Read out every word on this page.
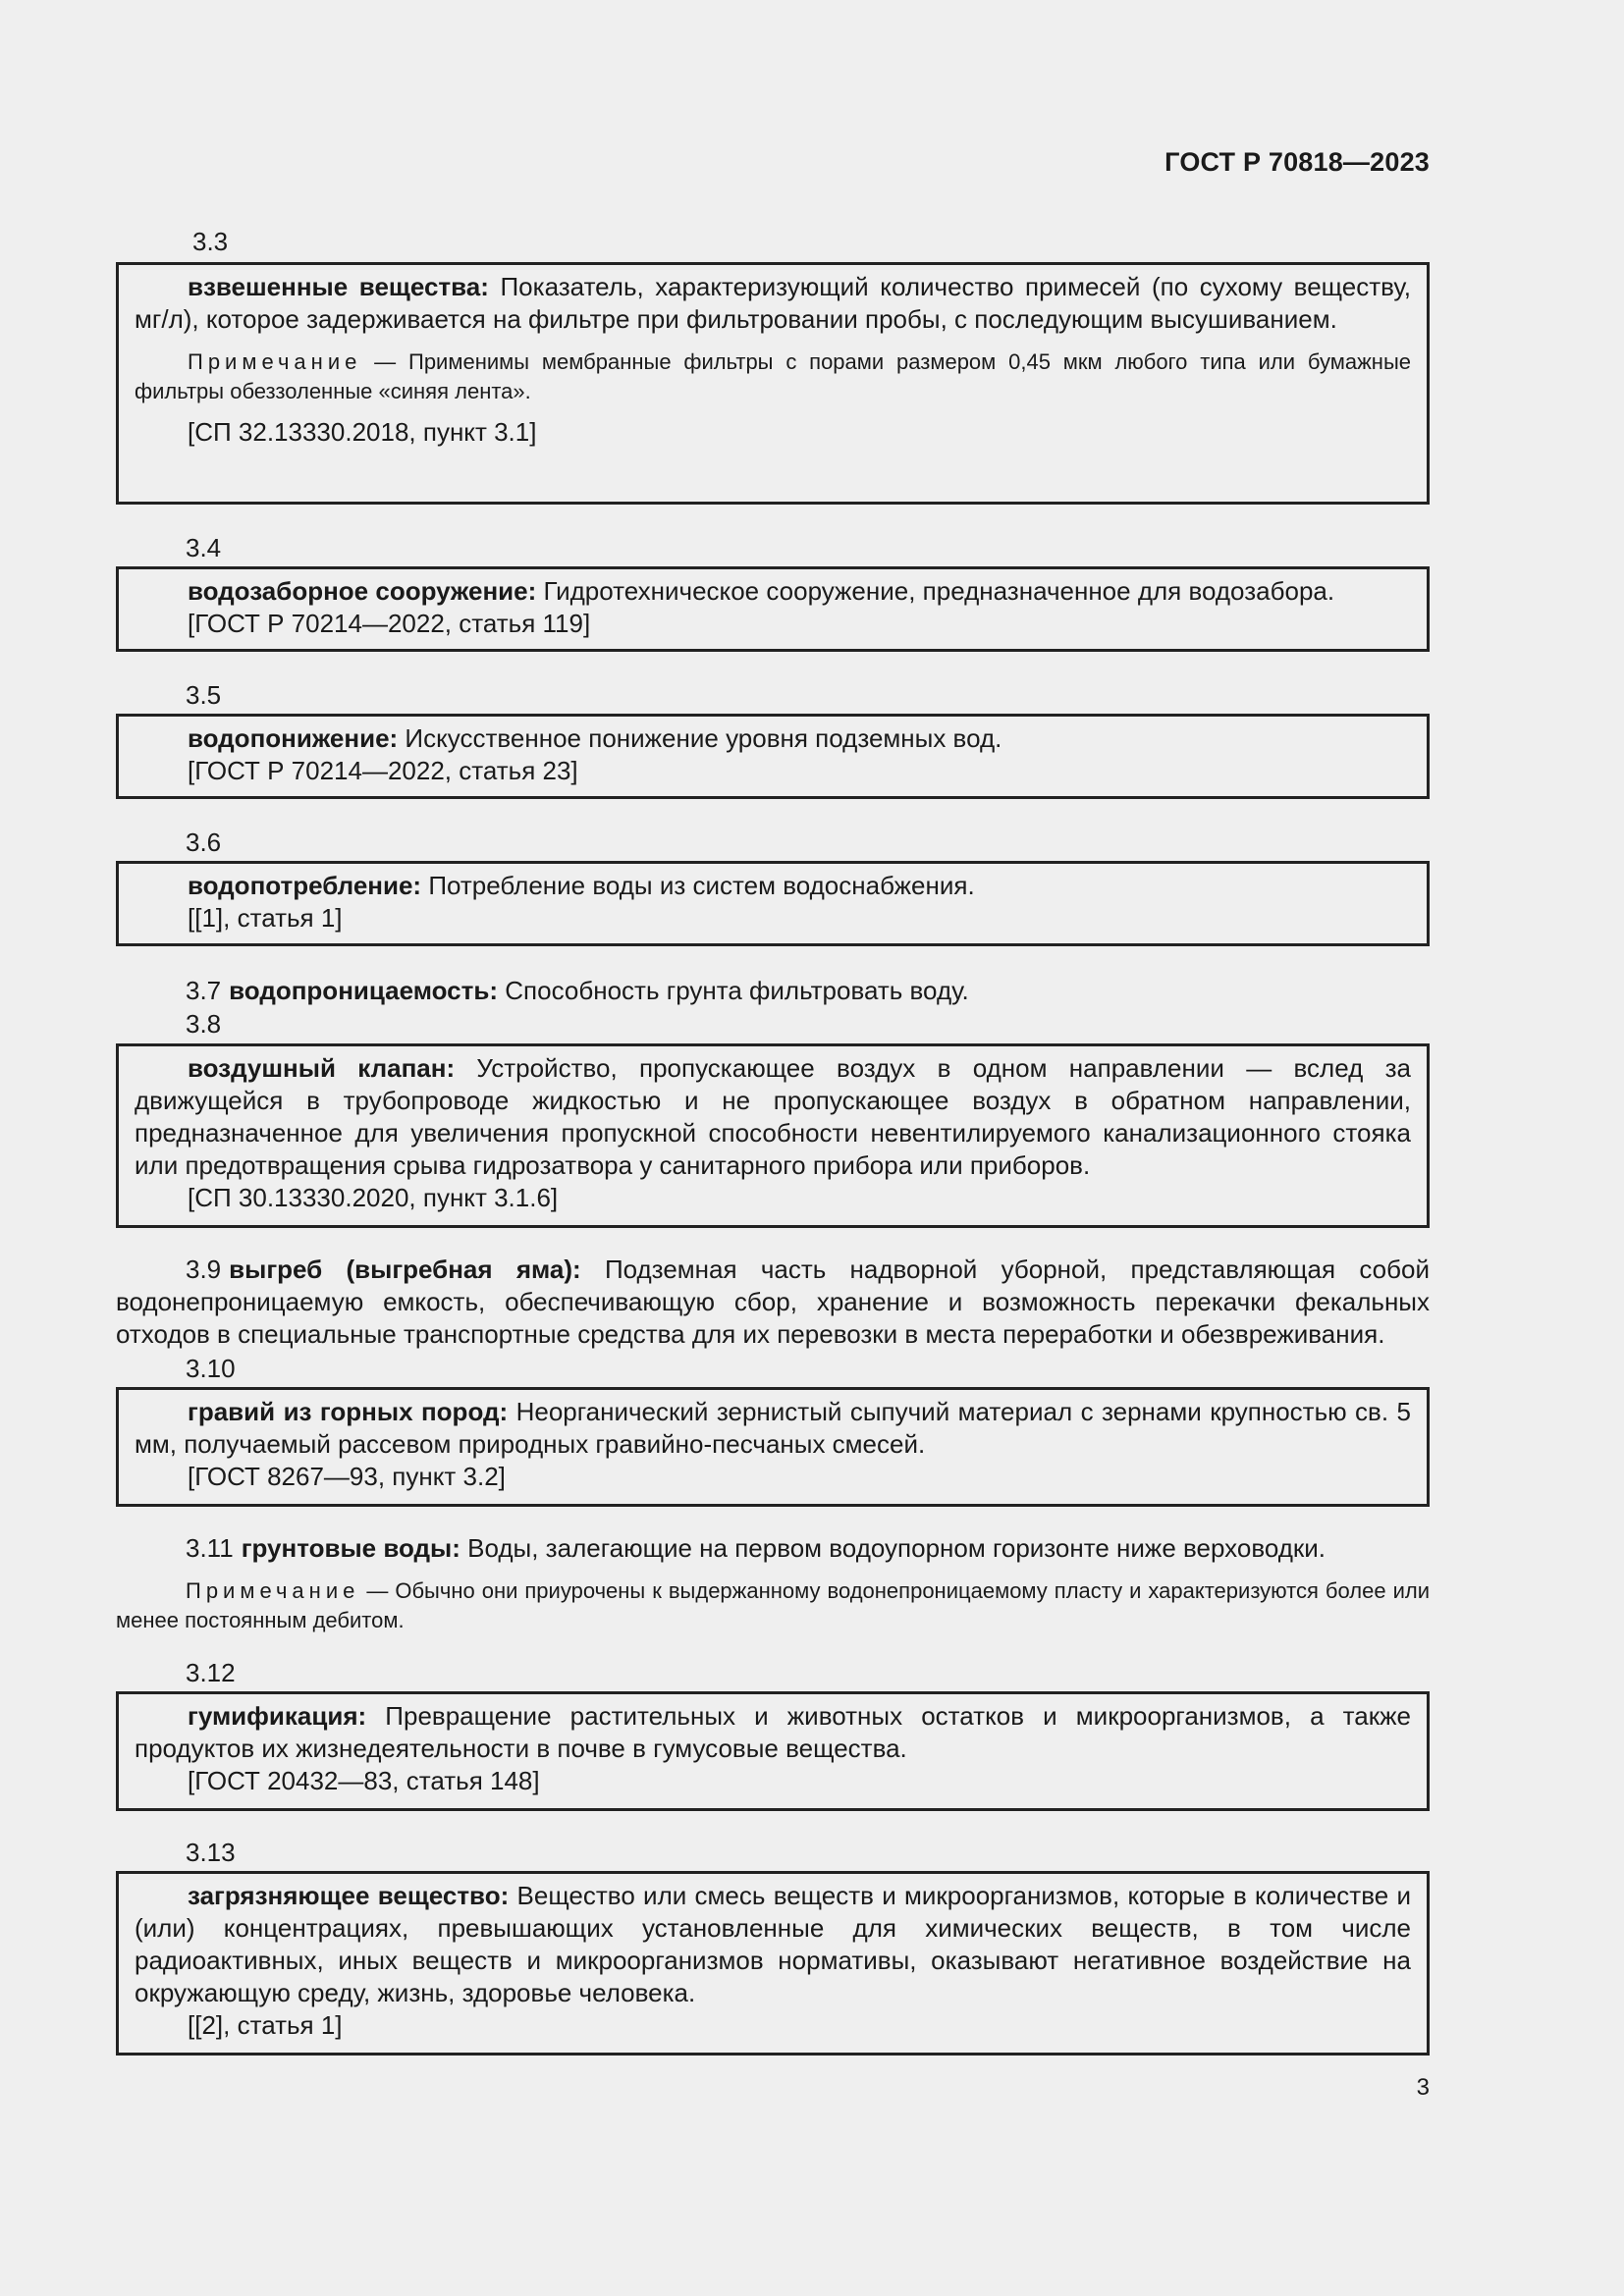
ГОСТ Р 70818—2023
3.3

взвешенные вещества: Показатель, характеризующий количество примесей (по сухому веществу, мг/л), которое задерживается на фильтре при фильтровании пробы, с последующим высушиванием.

Примечание — Применимы мембранные фильтры с порами размером 0,45 мкм любого типа или бумажные фильтры обеззоленные «синяя лента».

[СП 32.13330.2018, пункт 3.1]

3.4

водозаборное сооружение: Гидротехническое сооружение, предназначенное для водозабора.

[ГОСТ Р 70214—2022, статья 119]

3.5

водопонижение: Искусственное понижение уровня подземных вод.

[ГОСТ Р 70214—2022, статья 23]

3.6

водопотребление: Потребление воды из систем водоснабжения.

[[1], статья 1]

3.7 водопроницаемость: Способность грунта фильтровать воду.
3.8

воздушный клапан: Устройство, пропускающее воздух в одном направлении — вслед за движущейся в трубопроводе жидкостью и не пропускающее воздух в обратном направлении, предназначенное для увеличения пропускной способности невентилируемого канализационного стояка или предотвращения срыва гидрозатвора у санитарного прибора или приборов.

[СП 30.13330.2020, пункт 3.1.6]

3.9 выгреб (выгребная яма): Подземная часть надворной уборной, представляющая собой водонепроницаемую емкость, обеспечивающую сбор, хранение и возможность перекачки фекальных отходов в специальные транспортные средства для их перевозки в места переработки и обезвреживания.
3.10

гравий из горных пород: Неорганический зернистый сыпучий материал с зернами крупностью св. 5 мм, получаемый рассевом природных гравийно-песчаных смесей.

[ГОСТ 8267—93, пункт 3.2]

3.11 грунтовые воды: Воды, залегающие на первом водоупорном горизонте ниже верховодки.
Примечание — Обычно они приурочены к выдержанному водонепроницаемому пласту и характеризуются более или менее постоянным дебитом.
3.12

гумификация: Превращение растительных и животных остатков и микроорганизмов, а также продуктов их жизнедеятельности в почве в гумусовые вещества.

[ГОСТ 20432—83, статья 148]

3.13

загрязняющее вещество: Вещество или смесь веществ и микроорганизмов, которые в количестве и (или) концентрациях, превышающих установленные для химических веществ, в том числе радиоактивных, иных веществ и микроорганизмов нормативы, оказывают негативное воздействие на окружающую среду, жизнь, здоровье человека.

[[2], статья 1]

3
